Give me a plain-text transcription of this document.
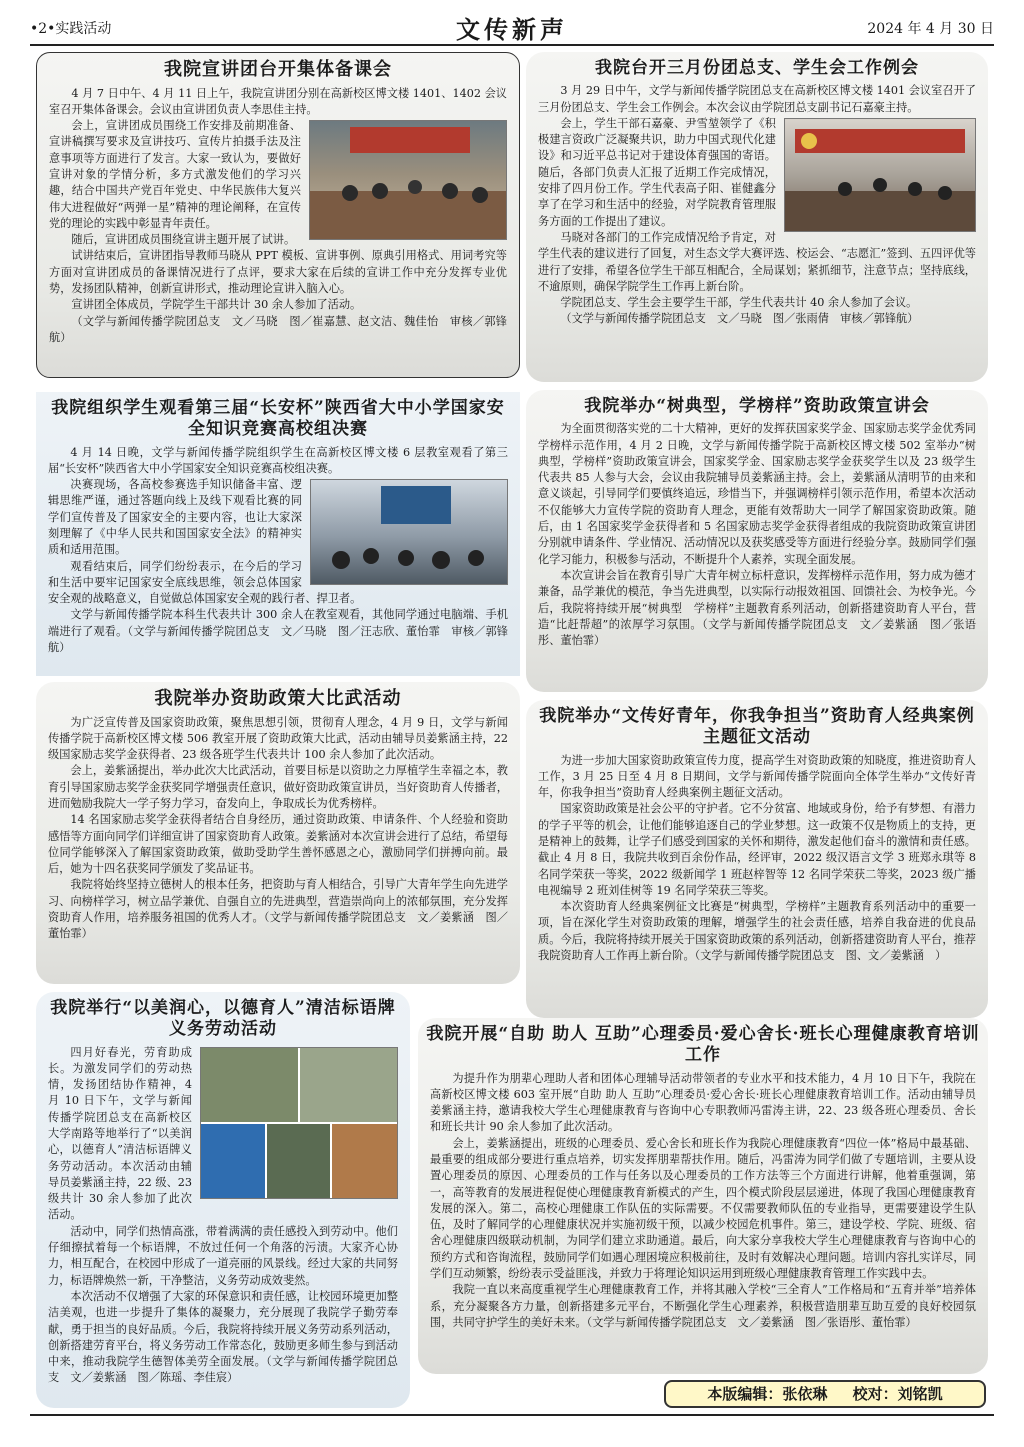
•2•实践活动	文传新声	2024 年 4 月 30 日
我院宣讲团台开集体备课会

4 月 7 日中午、4 月 11 日上午，我院宣讲团分别在高新校区博文楼 1401、1402 会议室召开集体备课会。会议由宣讲团负责人李思佳主持。

会上，宣讲团成员围绕工作安排及前期准备、宣讲稿撰写要求及宣讲技巧、宣传片拍摄手法及注意事项等方面进行了发言。大家一致认为，要做好宣讲对象的学情分析，多方式激发他们的学习兴趣，结合中国共产党百年党史、中华民族伟大复兴伟大进程做好“两弹一星”精神的理论阐释，在宣传党的理论的实践中彰显青年责任。

随后，宣讲团成员围绕宣讲主题开展了试讲。

试讲结束后，宣讲团指导教师马晓从 PPT 模板、宣讲事例、原典引用格式、用词考究等方面对宣讲团成员的备课情况进行了点评，要求大家在后续的宣讲工作中充分发挥专业优势，发扬团队精神，创新宣讲形式，推动理论宣讲入脑入心。

宣讲团全体成员，学院学生干部共计 30 余人参加了活动。

（文学与新闻传播学院团总支　文／马晓　图／崔嘉慧、赵文洁、魏佳怡　审核／郭锋航）

我院台开三月份团总支、学生会工作例会

3 月 29 日中午，文学与新闻传播学院团总支在高新校区博文楼 1401 会议室召开了三月份团总支、学生会工作例会。本次会议由学院团总支副书记石嘉豪主持。

会上，学生干部石嘉豪、尹雪堃领学了《积极建言资政广泛凝聚共识，助力中国式现代化建设》和习近平总书记对于建设体育强国的寄语。随后，各部门负责人汇报了近期工作完成情况，安排了四月份工作。学生代表高子阳、崔健鑫分享了在学习和生活中的经验，对学院教育管理服务方面的工作提出了建议。

马晓对各部门的工作完成情况给予肯定，对学生代表的建议进行了回复，对生态文学大赛评选、校运会、“志愿汇”签到、五四评优等进行了安排，希望各位学生干部互相配合，全局谋划；紧抓细节，注意节点；坚持底线，不逾原则，确保学院学生工作再上新台阶。

学院团总支、学生会主要学生干部，学生代表共计 40 余人参加了会议。

（文学与新闻传播学院团总支　文／马晓　图／张雨倩　审核／郭锋航）

我院组织学生观看第三届“长安杯”陕西省大中小学国家安全知识竞赛高校组决赛

4 月 14 日晚，文学与新闻传播学院组织学生在高新校区博文楼 6 层教室观看了第三届“长安杯”陕西省大中小学国家安全知识竞赛高校组决赛。

决赛现场，各高校参赛选手知识储备丰富、逻辑思维严谨，通过答题向线上及线下观看比赛的同学们宣传普及了国家安全的主要内容，也让大家深刻理解了《中华人民共和国国家安全法》的精神实质和适用范围。

观看结束后，同学们纷纷表示，在今后的学习和生活中要牢记国家安全底线思维，领会总体国家安全观的战略意义，自觉做总体国家安全观的践行者、捍卫者。

文学与新闻传播学院本科生代表共计 300 余人在教室观看，其他同学通过电脑端、手机端进行了观看。（文学与新闻传播学院团总支　文／马晓　图／汪志欣、董怡霏　审核／郭锋航）

我院举办“树典型，学榜样”资助政策宣讲会

为全面贯彻落实党的二十大精神，更好的发挥获国家奖学金、国家励志奖学金优秀同学榜样示范作用，4 月 2 日晚，文学与新闻传播学院于高新校区博文楼 502 室举办“树典型，学榜样”资助政策宣讲会，国家奖学金、国家励志奖学金获奖学生以及 23 级学生代表共 85 人参与大会，会议由我院辅导员姜紫涵主持。会上，姜紫涵从清明节的由来和意义谈起，引导同学们要慎终追远，珍惜当下，并强调榜样引领示范作用，希望本次活动不仅能够大力宣传学院的资助育人理念，更能有效帮助大一同学了解国家资助政策。随后，由 1 名国家奖学金获得者和 5 名国家励志奖学金获得者组成的我院资助政策宣讲团分别就申请条件、学业情况、活动情况以及获奖感受等方面进行经验分享。鼓励同学们强化学习能力，积极参与活动，不断提升个人素养，实现全面发展。

本次宣讲会旨在教育引导广大青年树立标杆意识，发挥榜样示范作用，努力成为德才兼备，品学兼优的模范，争当先进典型，以实际行动报效祖国、回馈社会、为校争光。今后，我院将持续开展“树典型　学榜样”主题教育系列活动，创新搭建资助育人平台，营造“比赶帮超”的浓厚学习氛围。（文学与新闻传播学院团总支　文／姜紫涵　图／张语彤、董怡霏）

我院举办资助政策大比武活动

为广泛宣传普及国家资助政策，聚焦思想引领，贯彻育人理念，4 月 9 日，文学与新闻传播学院于高新校区博文楼 506 教室开展了资助政策大比武，活动由辅导员姜紫涵主持，22 级国家励志奖学金获得者、23 级各班学生代表共计 100 余人参加了此次活动。

会上，姜紫涵提出，举办此次大比武活动，首要目标是以资助之力厚植学生幸福之本，教育引导国家励志奖学金获奖同学增强责任意识，做好资助政策宣讲员，当好资助育人传播者，进而勉励我院大一学子努力学习，奋发向上，争取成长为优秀榜样。

14 名国家励志奖学金获得者结合自身经历，通过资助政策、申请条件、个人经验和资助感悟等方面向同学们详细宣讲了国家资助育人政策。姜紫涵对本次宣讲会进行了总结，希望每位同学能够深入了解国家资助政策，做助受助学生善怀感恩之心，激励同学们拼搏向前。最后，她为十四名获奖同学颁发了奖品证书。

我院将始终坚持立德树人的根本任务，把资助与育人相结合，引导广大青年学生向先进学习、向榜样学习，树立品学兼优、自强自立的先进典型，营造崇尚向上的浓郁氛围，充分发挥资助育人作用，培养服务祖国的优秀人才。（文学与新闻传播学院团总支　文／姜紫涵　图／董怡霏）

我院举办“文传好青年，你我争担当”资助育人经典案例主题征文活动

为进一步加大国家资助政策宣传力度，提高学生对资助政策的知晓度，推进资助育人工作，3 月 25 日至 4 月 8 日期间，文学与新闻传播学院面向全体学生举办“文传好青年，你我争担当”资助育人经典案例主题征文活动。

国家资助政策是社会公平的守护者。它不分贫富、地域或身份，给予有梦想、有潜力的学子平等的机会，让他们能够追逐自己的学业梦想。这一政策不仅是物质上的支持，更是精神上的鼓舞，让学子们感受到国家的关怀和期待，激发起他们奋斗的激情和责任感。截止 4 月 8 日，我院共收到百余份作品，经评审，2022 级汉语言文学 3 班郑永琪等 8 名同学荣获一等奖，2022 级新闻学 1 班赵梓智等 12 名同学荣获二等奖，2023 级广播电视编导 2 班刘佳树等 19 名同学荣获三等奖。

本次资助育人经典案例征文比赛是“树典型，学榜样”主题教育系列活动中的重要一项，旨在深化学生对资助政策的理解，增强学生的社会责任感，培养自我奋进的优良品质。今后，我院将持续开展关于国家资助政策的系列活动，创新搭建资助育人平台，推荐我院资助育人工作再上新台阶。（文学与新闻传播学院团总支　图、文／姜紫涵　）

我院举行“以美润心，以德育人”清洁标语牌义务劳动活动

四月好春光，劳育助成长。为激发同学们的劳动热情，发扬团结协作精神，4 月 10 日下午，文学与新闻传播学院团总支在高新校区大学南路等地举行了“以美润心，以德育人”清洁标语牌义务劳动活动。本次活动由辅导员姜紫涵主持，22 级、23 级共计 30 余人参加了此次活动。

活动中，同学们热情高涨，带着满满的责任感投入到劳动中。他们仔细擦拭着每一个标语牌，不放过任何一个角落的污渍。大家齐心协力，相互配合，在校园中形成了一道亮丽的风景线。经过大家的共同努力，标语牌焕然一新，干净整洁，义务劳动成效斐然。

本次活动不仅增强了大家的环保意识和责任感，让校园环境更加整洁美观，也进一步提升了集体的凝聚力，充分展现了我院学子勤劳奉献，勇于担当的良好品质。今后，我院将持续开展义务劳动系列活动，创新搭建劳育平台，将义务劳动工作常态化，鼓励更多师生参与到活动中来，推动我院学生德智体美劳全面发展。（文学与新闻传播学院团总支　文／姜紫涵　图／陈瑶、李佳宸）

我院开展“自助 助人 互助”心理委员·爱心舍长·班长心理健康教育培训工作

为提升作为朋辈心理助人者和团体心理辅导活动带领者的专业水平和技术能力，4 月 10 日下午，我院在高新校区博文楼 603 室开展“自助 助人 互助”心理委员·爱心舍长·班长心理健康教育培训工作。活动由辅导员姜紫涵主持，邀请我校大学生心理健康教育与咨询中心专职教师冯雷涛主讲，22、23 级各班心理委员、舍长和班长共计 90 余人参加了此次活动。

会上，姜紫涵提出，班级的心理委员、爱心舍长和班长作为我院心理健康教育“四位一体”格局中最基础、最重要的组成部分要进行重点培养，切实发挥朋辈帮扶作用。随后，冯雷涛为同学们做了专题培训，主要从设置心理委员的原因、心理委员的工作与任务以及心理委员的工作方法等三个方面进行讲解，他着重强调，第一，高等教育的发展进程促使心理健康教育新模式的产生，四个模式阶段层层递进，体现了我国心理健康教育发展的深入。第二，高校心理健康工作队伍的实际需要。不仅需要教师队伍的专业指导，更需要建设学生队伍，及时了解同学的心理健康状况并实施初级干预，以减少校园危机事件。第三，建设学校、学院、班级、宿舍心理健康四级联动机制，为同学们建立求助通道。最后，向大家分享我校大学生心理健康教育与咨询中心的预约方式和咨询流程，鼓励同学们如遇心理困境应积极前往，及时有效解决心理问题。培训内容扎实详尽，同学们互动频繁，纷纷表示受益匪浅，并致力于将理论知识运用到班级心理健康教育管理工作实践中去。

我院一直以来高度重视学生心理健康教育工作，并将其融入学校“三全育人”工作格局和“五育并举”培养体系，充分凝聚各方力量，创新搭建多元平台，不断强化学生心理素养，积极营造朋辈互助互爱的良好校园氛围，共同守护学生的美好未来。（文学与新闻传播学院团总支　文／姜紫涵　图／张语彤、董怡霏）

本版编辑：张依琳 校对：刘铭凯
